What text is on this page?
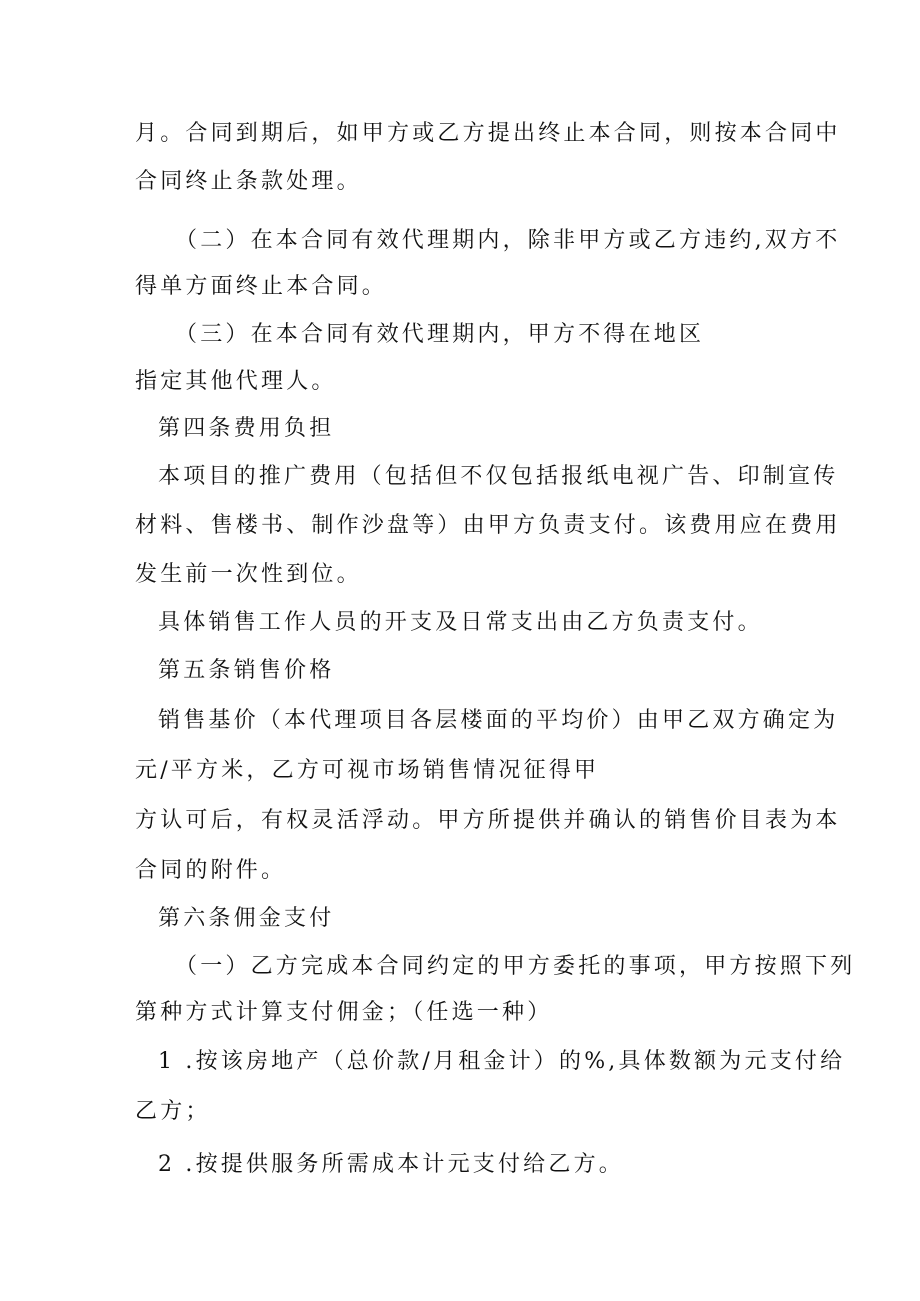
月。合同到期后，如甲方或乙方提出终止本合同，则按本合同中
合同终止条款处理。
（二）在本合同有效代理期内，除非甲方或乙方违约,双方不
得单方面终止本合同。
（三）在本合同有效代理期内，甲方不得在地区
指定其他代理人。
第四条费用负担
本项目的推广费用（包括但不仅包括报纸电视广告、印制宣传
材料、售楼书、制作沙盘等）由甲方负责支付。该费用应在费用
发生前一次性到位。
具体销售工作人员的开支及日常支出由乙方负责支付。
第五条销售价格
销售基价（本代理项目各层楼面的平均价）由甲乙双方确定为
元/平方米，乙方可视市场销售情况征得甲
方认可后，有权灵活浮动。甲方所提供并确认的销售价目表为本
合同的附件。
第六条佣金支付
（一）乙方完成本合同约定的甲方委托的事项，甲方按照下列
第种方式计算支付佣金；（任选一种）
1 .按该房地产（总价款/月租金计）的%,具体数额为元支付给
乙方；
2 .按提供服务所需成本计元支付给乙方。
